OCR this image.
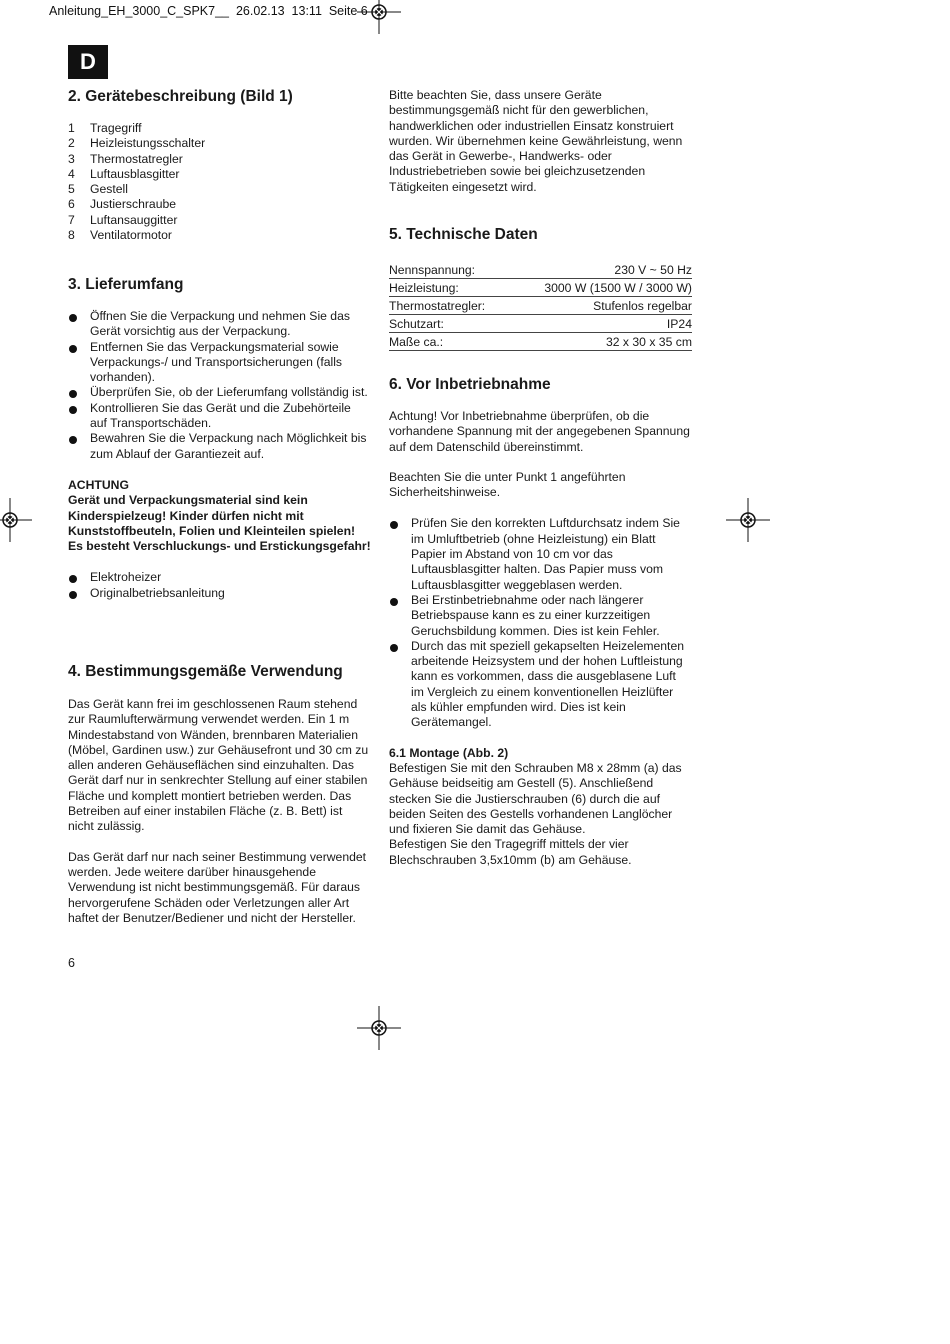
Anleitung_EH_3000_C_SPK7__  26.02.13  13:11  Seite 6
D
2. Gerätebeschreibung (Bild 1)
1	Tragegriff
2	Heizleistungsschalter
3	Thermostatregler
4	Luftausblasgitter
5	Gestell
6	Justierschraube
7	Luftansauggitter
8	Ventilatormotor
3. Lieferumfang
Öffnen Sie die Verpackung und nehmen Sie das Gerät vorsichtig aus der Verpackung.
Entfernen Sie das Verpackungsmaterial sowie Verpackungs-/ und Transportsicherungen (falls vorhanden).
Überprüfen Sie, ob der Lieferumfang vollständig ist.
Kontrollieren Sie das Gerät und die Zubehörteile auf Transportschäden.
Bewahren Sie die Verpackung nach Möglichkeit bis zum Ablauf der Garantiezeit auf.

ACHTUNG

Gerät und Verpackungsmaterial sind kein Kinderspielzeug! Kinder dürfen nicht mit Kunststoffbeuteln, Folien und Kleinteilen spielen! Es besteht Verschluckungs- und Erstickungsgefahr!

Elektroheizer
Originalbetriebsanleitung
4. Bestimmungsgemäße Verwendung

Das Gerät kann frei im geschlossenen Raum stehend zur Raumlufterwärmung verwendet werden. Ein 1 m Mindestabstand von Wänden, brennbaren Materialien (Möbel, Gardinen usw.) zur Gehäusefront und 30 cm zu allen anderen Gehäuseflächen sind einzuhalten. Das Gerät darf nur in senkrechter Stellung auf einer stabilen Fläche und komplett montiert betrieben werden. Das Betreiben auf einer instabilen Fläche (z. B. Bett) ist nicht zulässig.

Das Gerät darf nur nach seiner Bestimmung verwendet werden. Jede weitere darüber hinausgehende Verwendung ist nicht bestimmungsgemäß. Für daraus hervorgerufene Schäden oder Verletzungen aller Art haftet der Benutzer/Bediener und nicht der Hersteller.

6

Bitte beachten Sie, dass unsere Geräte bestimmungsgemäß nicht für den gewerblichen, handwerklichen oder industriellen Einsatz konstruiert wurden. Wir übernehmen keine Gewährleistung, wenn das Gerät in Gewerbe-, Handwerks- oder Industriebetrieben sowie bei gleichzusetzenden Tätigkeiten eingesetzt wird.

5. Technische Daten
Nennspannung:	230 V ~ 50 Hz
Heizleistung:	3000 W (1500 W / 3000 W)
Thermostatregler:	Stufenlos regelbar
Schutzart:	IP24
Maße ca.:	32 x 30 x 35 cm
6. Vor Inbetriebnahme

Achtung! Vor Inbetriebnahme überprüfen, ob die vorhandene Spannung mit der angegebenen Spannung auf dem Datenschild übereinstimmt.

Beachten Sie die unter Punkt 1 angeführten Sicherheitshinweise.

Prüfen Sie den korrekten Luftdurchsatz indem Sie im Umluftbetrieb (ohne Heizleistung) ein Blatt Papier im Abstand von 10 cm vor das Luftausblasgitter halten. Das Papier muss vom Luftausblasgitter weggeblasen werden.
Bei Erstinbetriebnahme oder nach längerer Betriebspause kann es zu einer kurzzeitigen Geruchsbildung kommen. Dies ist kein Fehler.
Durch das mit speziell gekapselten Heizelementen arbeitende Heizsystem und der hohen Luftleistung kann es vorkommen, dass die ausgeblasene Luft im Vergleich zu einem konventionellen Heizlüfter als kühler empfunden wird. Dies ist kein Gerätemangel.

6.1 Montage (Abb. 2)

Befestigen Sie mit den Schrauben M8 x 28mm (a) das Gehäuse beidseitig am Gestell (5). Anschließend stecken Sie die Justierschrauben (6) durch die auf beiden Seiten des Gestells vorhandenen Langlöcher und fixieren Sie damit das Gehäuse.

Befestigen Sie den Tragegriff mittels der vier Blechschrauben 3,5x10mm (b) am Gehäuse.
